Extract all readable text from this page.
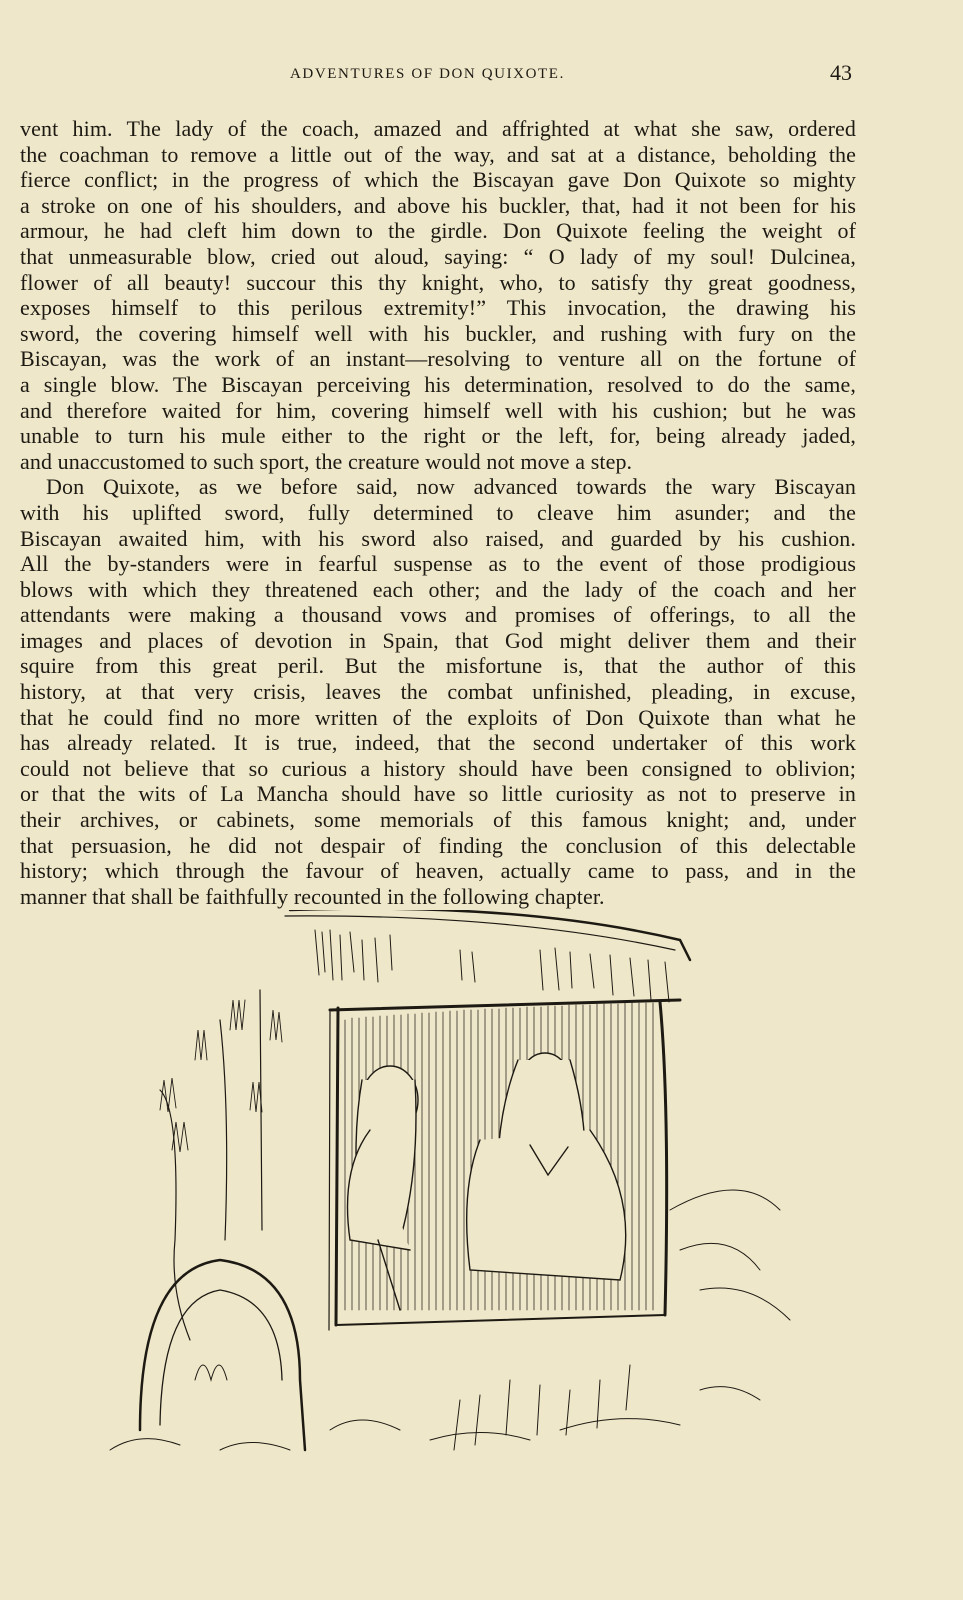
ADVENTURES OF DON QUIXOTE.	43
vent him. The lady of the coach, amazed and affrighted at what she saw, ordered
the coachman to remove a little out of the way, and sat at a distance, beholding the
fierce conflict; in the progress of which the Biscayan gave Don Quixote so mighty
a stroke on one of his shoulders, and above his buckler, that, had it not been for his
armour, he had cleft him down to the girdle. Don Quixote feeling the weight of
that unmeasurable blow, cried out aloud, saying: “ O lady of my soul! Dulcinea,
flower of all beauty! succour this thy knight, who, to satisfy thy great goodness,
exposes himself to this perilous extremity!” This invocation, the drawing his
sword, the covering himself well with his buckler, and rushing with fury on the
Biscayan, was the work of an instant—resolving to venture all on the fortune of
a single blow. The Biscayan perceiving his determination, resolved to do the same,
and therefore waited for him, covering himself well with his cushion; but he was
unable to turn his mule either to the right or the left, for, being already jaded,
and unaccustomed to such sport, the creature would not move a step.
Don Quixote, as we before said, now advanced towards the wary Biscayan
with his uplifted sword, fully determined to cleave him asunder; and the
Biscayan awaited him, with his sword also raised, and guarded by his cushion.
All the by-standers were in fearful suspense as to the event of those prodigious
blows with which they threatened each other; and the lady of the coach and her
attendants were making a thousand vows and promises of offerings, to all the
images and places of devotion in Spain, that God might deliver them and their
squire from this great peril. But the misfortune is, that the author of this
history, at that very crisis, leaves the combat unfinished, pleading, in excuse,
that he could find no more written of the exploits of Don Quixote than what he
has already related. It is true, indeed, that the second undertaker of this work
could not believe that so curious a history should have been consigned to oblivion;
or that the wits of La Mancha should have so little curiosity as not to preserve in
their archives, or cabinets, some memorials of this famous knight; and, under
that persuasion, he did not despair of finding the conclusion of this delectable
history; which through the favour of heaven, actually came to pass, and in the
manner that shall be faithfully recounted in the following chapter.
